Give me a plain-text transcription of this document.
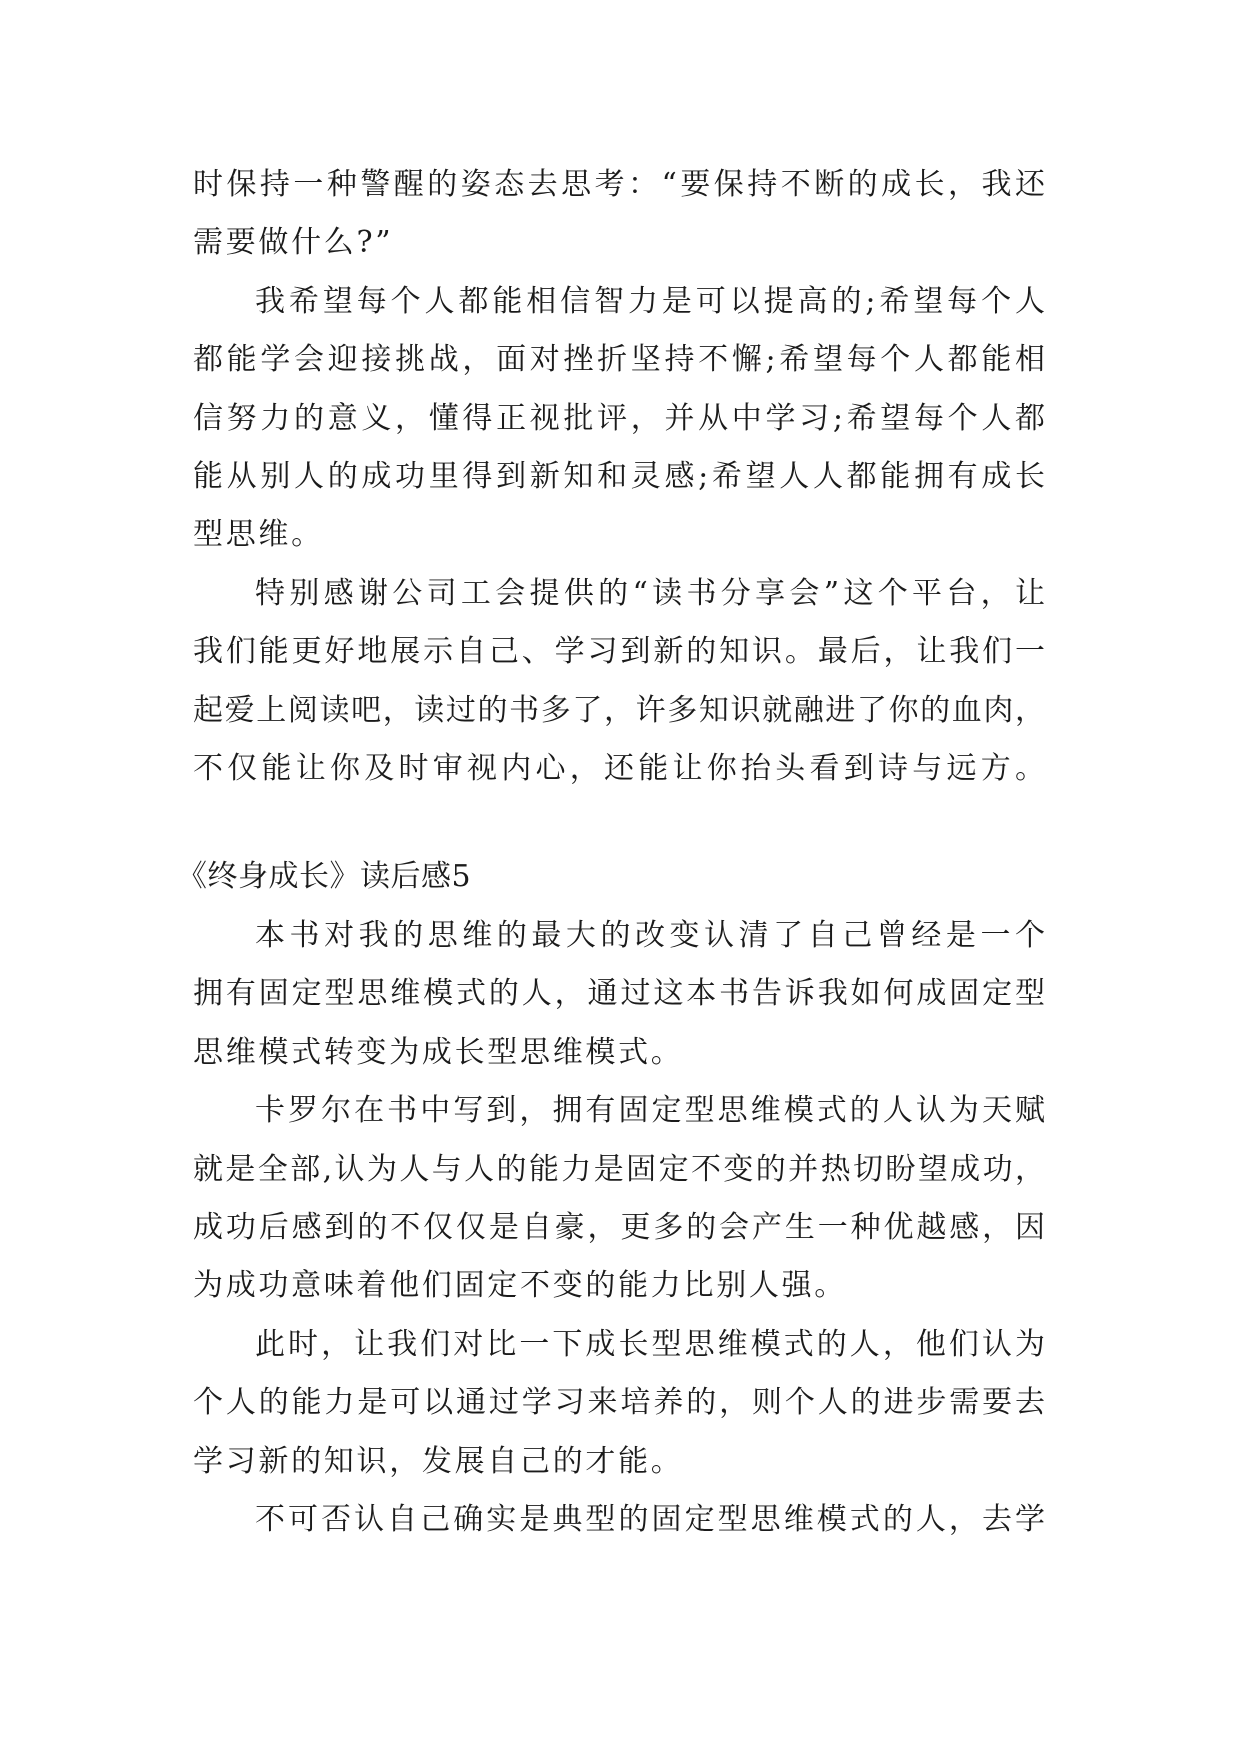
时保持一种警醒的姿态去思考：“要保持不断的成长，我还
需要做什么?”
我希望每个人都能相信智力是可以提高的;希望每个人
都能学会迎接挑战，面对挫折坚持不懈;希望每个人都能相
信努力的意义，懂得正视批评，并从中学习;希望每个人都
能从别人的成功里得到新知和灵感;希望人人都能拥有成长
型思维。
特别感谢公司工会提供的“读书分享会”这个平台，让
我们能更好地展示自己、学习到新的知识。最后，让我们一
起爱上阅读吧，读过的书多了，许多知识就融进了你的血肉，
不仅能让你及时审视内心，还能让你抬头看到诗与远方。
《终身成长》读后感5
本书对我的思维的最大的改变认清了自己曾经是一个
拥有固定型思维模式的人，通过这本书告诉我如何成固定型
思维模式转变为成长型思维模式。
卡罗尔在书中写到，拥有固定型思维模式的人认为天赋
就是全部,认为人与人的能力是固定不变的并热切盼望成功，
成功后感到的不仅仅是自豪，更多的会产生一种优越感，因
为成功意味着他们固定不变的能力比别人强。
此时，让我们对比一下成长型思维模式的人，他们认为
个人的能力是可以通过学习来培养的，则个人的进步需要去
学习新的知识，发展自己的才能。
不可否认自己确实是典型的固定型思维模式的人，去学
